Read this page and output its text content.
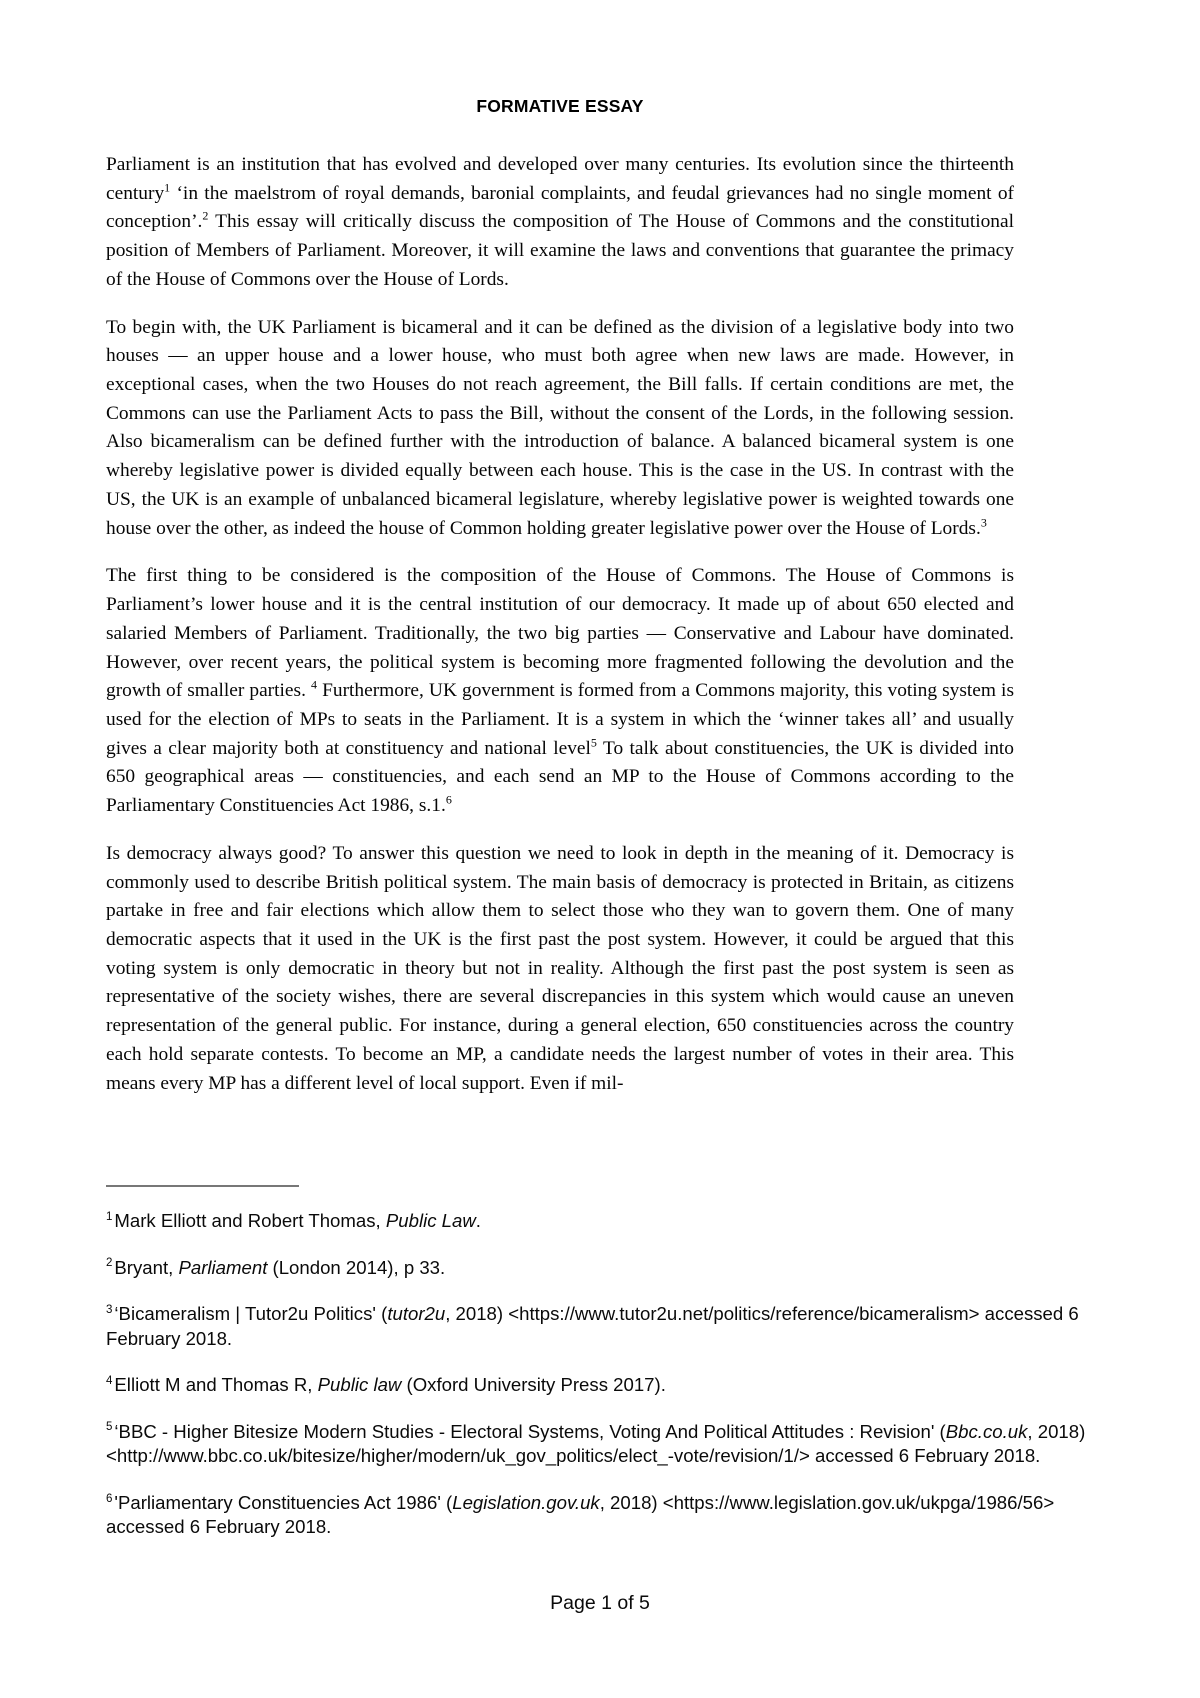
FORMATIVE ESSAY

Parliament is an institution that has evolved and developed over many centuries. Its evolution since the thirteenth century$^1$ ‘in the maelstrom of royal demands, baronial complaints, and feudal grievances had no single moment of conception’.$^2$ This essay will critically discuss the composition of The House of Commons and the constitutional position of Members of Parliament. Moreover, it will examine the laws and conventions that guarantee the primacy of the House of Commons over the House of Lords.

To begin with, the UK Parliament is bicameral and it can be defined as the division of a legislative body into two houses — an upper house and a lower house, who must both agree when new laws are made. However, in exceptional cases, when the two Houses do not reach agreement, the Bill falls. If certain conditions are met, the Commons can use the Parliament Acts to pass the Bill, without the consent of the Lords, in the following session. Also bicameralism can be defined further with the introduction of balance. A balanced bicameral system is one whereby legislative power is divided equally between each house. This is the case in the US. In contrast with the US, the UK is an example of unbalanced bicameral legislature, whereby legislative power is weighted towards one house over the other, as indeed the house of Common holding greater legislative power over the House of Lords.$^3$

The first thing to be considered is the composition of the House of Commons. The House of Commons is Parliament’s lower house and it is the central institution of our democracy. It made up of about 650 elected and salaried Members of Parliament. Traditionally, the two big parties — Conservative and Labour have dominated. However, over recent years, the political system is becoming more fragmented following the devolution and the growth of smaller parties. $^4$ Furthermore, UK government is formed from a Commons majority, this voting system is used for the election of MPs to seats in the Parliament. It is a system in which the ‘winner takes all’ and usually gives a clear majority both at constituency and national level$^5$ To talk about constituencies, the UK is divided into 650 geographical areas — constituencies, and each send an MP to the House of Commons according to the Parliamentary Constituencies Act 1986, s.1.$^6$

Is democracy always good? To answer this question we need to look in depth in the meaning of it. Democracy is commonly used to describe British political system. The main basis of democracy is protected in Britain, as citizens partake in free and fair elections which allow them to select those who they wan to govern them. One of many democratic aspects that it used in the UK is the first past the post system. However, it could be argued that this voting system is only democratic in theory but not in reality. Although the first past the post system is seen as representative of the society wishes, there are several discrepancies in this system which would cause an uneven representation of the general public. For instance, during a general election, 650 constituencies across the country each hold separate contests. To become an MP, a candidate needs the largest number of votes in their area. This means every MP has a different level of local support. Even if mil-

$^1$ Mark Elliott and Robert Thomas, Public Law.

$^2$ Bryant, Parliament (London 2014), p 33.

$^3$ ‘Bicameralism | Tutor2u Politics' (tutor2u, 2018) <https://www.tutor2u.net/politics/reference/bicameralism> accessed 6 February 2018.

$^4$ Elliott M and Thomas R, Public law (Oxford University Press 2017).

$^5$ ‘BBC - Higher Bitesize Modern Studies - Electoral Systems, Voting And Political Attitudes : Revision' (Bbc.co.uk, 2018) <http://www.bbc.co.uk/bitesize/higher/modern/uk_gov_politics/elect_-vote/revision/1/> accessed 6 February 2018.

$^6$ 'Parliamentary Constituencies Act 1986' (Legislation.gov.uk, 2018) <https://www.legislation.gov.uk/ukpga/1986/56> accessed 6 February 2018.

Page 1 of 5
